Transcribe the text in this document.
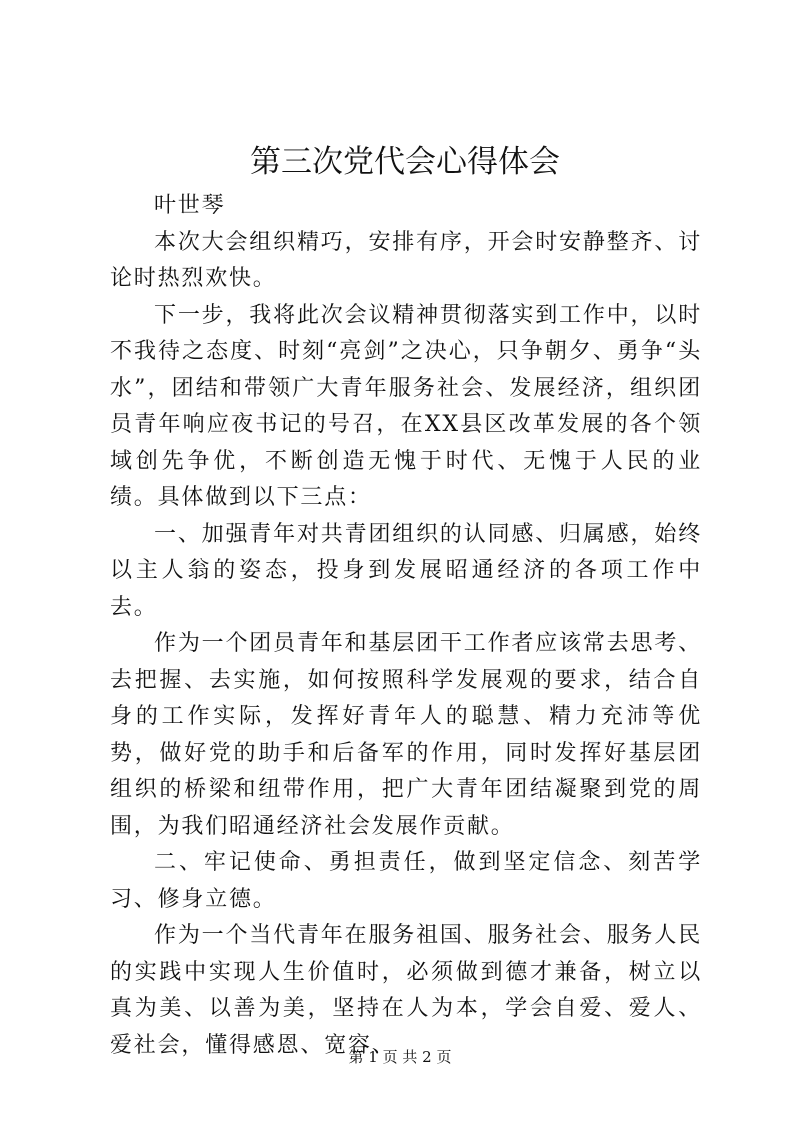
第三次党代会心得体会

叶世琴

本次大会组织精巧，安排有序，开会时安静整齐、讨论时热烈欢快。

下一步，我将此次会议精神贯彻落实到工作中，以时不我待之态度、时刻“亮剑”之决心，只争朝夕、勇争“头水”，团结和带领广大青年服务社会、发展经济，组织团员青年响应夜书记的号召，在XX县区改革发展的各个领域创先争优，不断创造无愧于时代、无愧于人民的业绩。具体做到以下三点：

一、加强青年对共青团组织的认同感、归属感，始终以主人翁的姿态，投身到发展昭通经济的各项工作中去。

作为一个团员青年和基层团干工作者应该常去思考、去把握、去实施，如何按照科学发展观的要求，结合自身的工作实际，发挥好青年人的聪慧、精力充沛等优势，做好党的助手和后备军的作用，同时发挥好基层团组织的桥梁和纽带作用，把广大青年团结凝聚到党的周围，为我们昭通经济社会发展作贡献。

二、牢记使命、勇担责任，做到坚定信念、刻苦学习、修身立德。

作为一个当代青年在服务祖国、服务社会、服务人民的实践中实现人生价值时，必须做到德才兼备，树立以真为美、以善为美，坚持在人为本，学会自爱、爱人、爱社会，懂得感恩、宽容、

第 1 页 共 2 页
